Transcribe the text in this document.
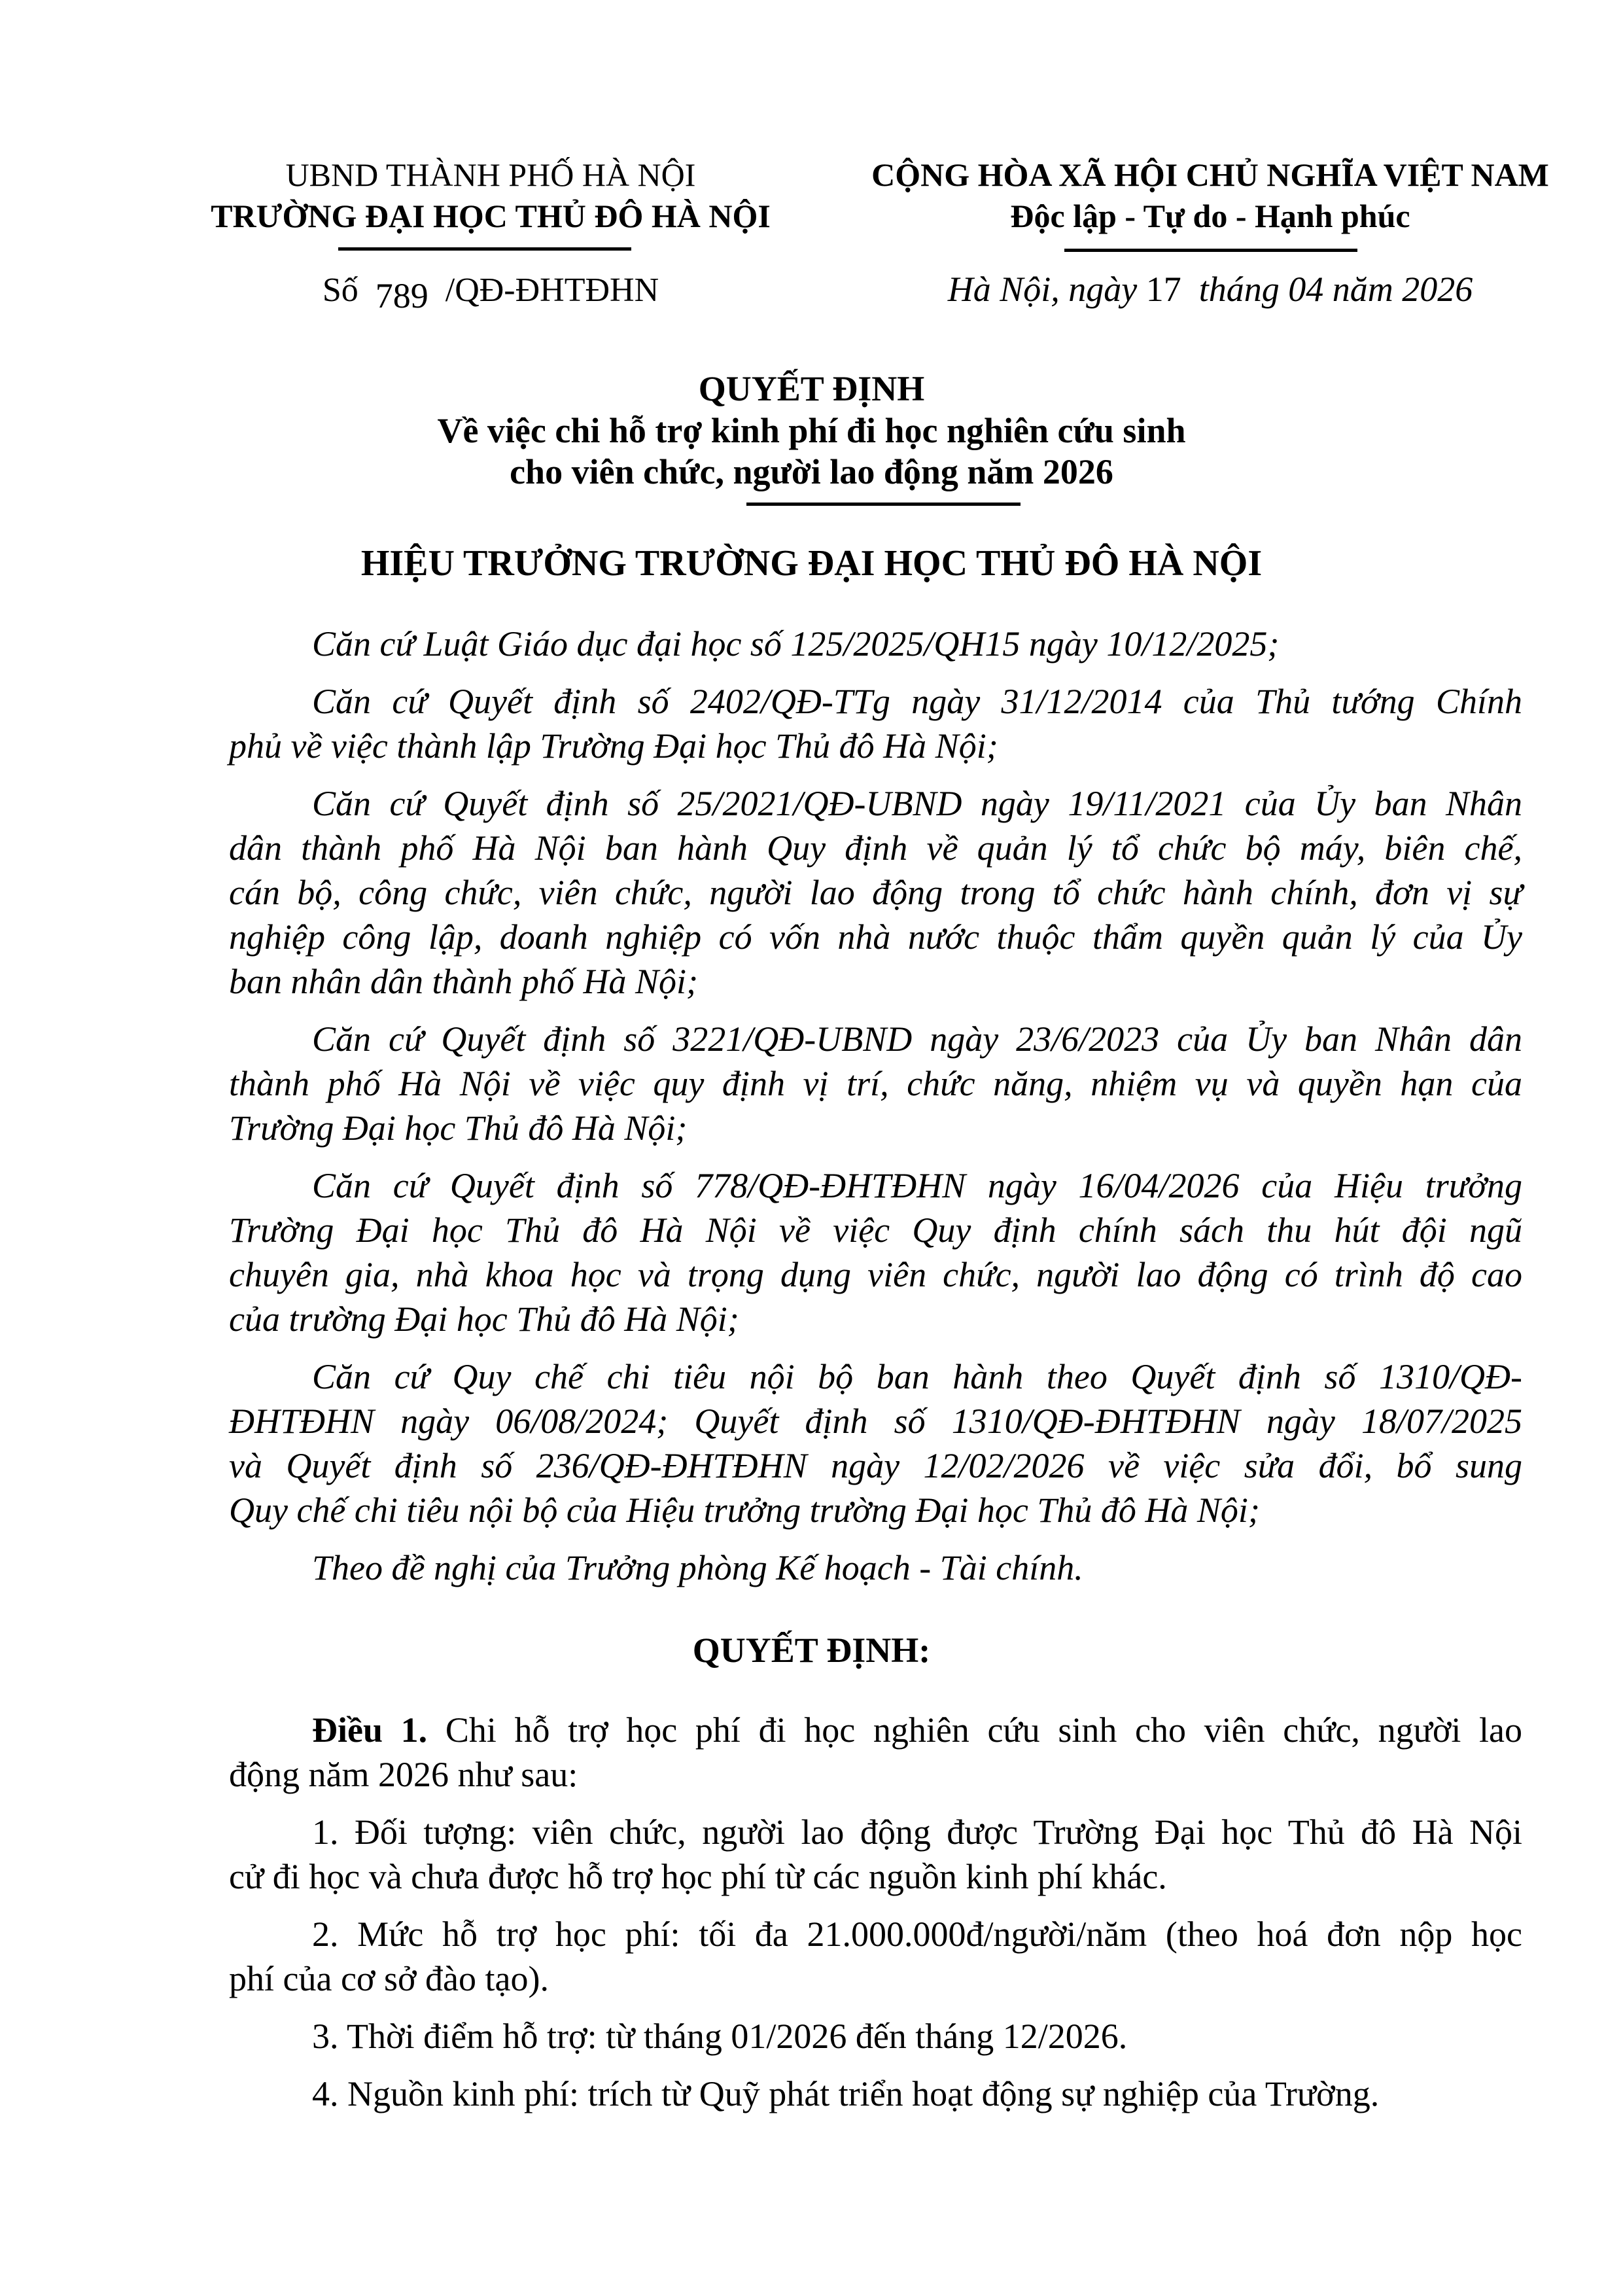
UBND THÀNH PHỐ HÀ NỘI
TRƯỜNG ĐẠI HỌC THỦ ĐÔ HÀ NỘI
Số 789 /QĐ-ĐHTĐHN
CỘNG HÒA XÃ HỘI CHỦ NGHĨA VIỆT NAM
Độc lập - Tự do - Hạnh phúc
Hà Nội, ngày 17 tháng 04 năm 2026
QUYẾT ĐỊNH
Về việc chi hỗ trợ kinh phí đi học nghiên cứu sinh
cho viên chức, người lao động năm 2026
HIỆU TRƯỞNG TRƯỜNG ĐẠI HỌC THỦ ĐÔ HÀ NỘI
Căn cứ Luật Giáo dục đại học số 125/2025/QH15 ngày 10/12/2025;
Căn cứ Quyết định số 2402/QĐ-TTg ngày 31/12/2014 của Thủ tướng Chính
phủ về việc thành lập Trường Đại học Thủ đô Hà Nội;
Căn cứ Quyết định số 25/2021/QĐ-UBND ngày 19/11/2021 của Ủy ban Nhân
dân thành phố Hà Nội ban hành Quy định về quản lý tổ chức bộ máy, biên chế,
cán bộ, công chức, viên chức, người lao động trong tổ chức hành chính, đơn vị sự
nghiệp công lập, doanh nghiệp có vốn nhà nước thuộc thẩm quyền quản lý của Ủy
ban nhân dân thành phố Hà Nội;
Căn cứ Quyết định số 3221/QĐ-UBND ngày 23/6/2023 của Ủy ban Nhân dân
thành phố Hà Nội về việc quy định vị trí, chức năng, nhiệm vụ và quyền hạn của
Trường Đại học Thủ đô Hà Nội;
Căn cứ Quyết định số 778/QĐ-ĐHTĐHN ngày 16/04/2026 của Hiệu trưởng
Trường Đại học Thủ đô Hà Nội về việc Quy định chính sách thu hút đội ngũ
chuyên gia, nhà khoa học và trọng dụng viên chức, người lao động có trình độ cao
của trường Đại học Thủ đô Hà Nội;
Căn cứ Quy chế chi tiêu nội bộ ban hành theo Quyết định số 1310/QĐ-
ĐHTĐHN ngày 06/08/2024; Quyết định số 1310/QĐ-ĐHTĐHN ngày 18/07/2025
và Quyết định số 236/QĐ-ĐHTĐHN ngày 12/02/2026 về việc sửa đổi, bổ sung
Quy chế chi tiêu nội bộ của Hiệu trưởng trường Đại học Thủ đô Hà Nội;
Theo đề nghị của Trưởng phòng Kế hoạch - Tài chính.
QUYẾT ĐỊNH:
Điều 1. Chi hỗ trợ học phí đi học nghiên cứu sinh cho viên chức, người lao
động năm 2026 như sau:
1. Đối tượng: viên chức, người lao động được Trường Đại học Thủ đô Hà Nội
cử đi học và chưa được hỗ trợ học phí từ các nguồn kinh phí khác.
2. Mức hỗ trợ học phí: tối đa 21.000.000đ/người/năm (theo hoá đơn nộp học
phí của cơ sở đào tạo).
3. Thời điểm hỗ trợ: từ tháng 01/2026 đến tháng 12/2026.
4. Nguồn kinh phí: trích từ Quỹ phát triển hoạt động sự nghiệp của Trường.
